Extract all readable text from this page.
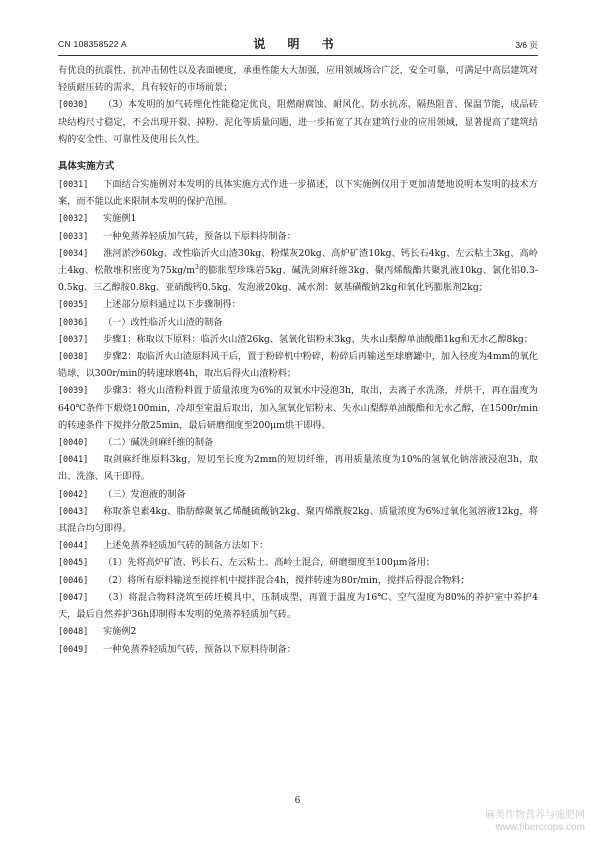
CN 108358522 A	说 明 书	3/6 页

有优良的抗震性、抗冲击韧性以及表面硬度，承重性能大大加强，应用领域场合广泛，安全可靠，可满足中高层建筑对轻质耐压砖的需求，具有较好的市场前景；

[0030] （3）本发明的加气砖理化性能稳定优良，阻燃耐腐蚀、耐风化、防水抗冻、隔热阻音、保温节能，成品砖块结构尺寸稳定，不会出现开裂、掉粉、泥化等质量问题，进一步拓宽了其在建筑行业的应用领域，显著提高了建筑结构的安全性、可靠性及使用长久性。

具体实施方式

[0031] 下面结合实施例对本发明的具体实施方式作进一步描述，以下实施例仅用于更加清楚地说明本发明的技术方案，而不能以此来限制本发明的保护范围。

[0032] 实施例1

[0033] 一种免蒸养轻质加气砖，预备以下原料待制备：

[0034] 淮河淤沙60kg、改性临沂火山渣30kg、粉煤灰20kg、高炉矿渣10kg、钙长石4kg、左云粘土3kg、高岭土4kg、松散堆积密度为$75kg/m^3$的膨胀型珍珠岩5kg、碱洗剑麻纤维3kg、聚丙烯酸酯共聚乳液10kg、氯化铝0.3-0.5kg、三乙醇胺0.8kg、亚硝酸钙0.5kg、发泡液20kg、减水剂：氨基磺酸钠2kg和氧化钙膨胀剂2kg；

[0035] 上述部分原料通过以下步骤制得：

[0036] （一）改性临沂火山渣的制备

[0037] 步骤1：称取以下原料：临沂火山渣26kg、氢氧化铝粉末3kg、失水山梨醇单油酸酯1kg和无水乙醇8kg；

[0038] 步骤2：取临沂火山渣原料风干后，置于粉碎机中粉碎，粉碎后再输送至球磨罐中，加入径度为4mm的氧化锆球，以300r/min的转速球磨4h，取出后得火山渣粉料；

[0039] 步骤3：将火山渣粉料置于质量浓度为6%的双氧水中浸泡3h，取出，去离子水洗涤，并烘干，再在温度为640℃条件下煅烧100min，冷却至室温后取出，加入氢氧化铝粉末、失水山梨醇单油酸酯和无水乙醇，在1500r/min的转速条件下搅拌分散25min，最后研磨细度至200μm烘干即得。

[0040] （二）碱洗剑麻纤维的制备

[0041] 取剑麻纤维原料3kg，短切至长度为2mm的短切纤维，再用质量浓度为10%的氢氧化钠溶液浸泡3h，取出、洗涤、风干即得。

[0042] （三）发泡液的制备

[0043] 称取茶皂素4kg、脂肪醇聚氧乙烯醚硫酸钠2kg、聚丙烯酰胺2kg、质量浓度为6%过氧化氢溶液12kg，将其混合均匀即得。

[0044] 上述免蒸养轻质加气砖的制备方法如下：

[0045] （1）先将高炉矿渣、钙长石、左云粘土、高岭土混合，研磨细度至100μm备用；

[0046] （2）将所有原料输送至搅拌机中搅拌混合4h，搅拌转速为80r/min，搅拌后得混合物料；

[0047] （3）将混合物料浇筑至砖坯模具中，压制成型，再置于温度为16℃、空气湿度为80%的养护室中养护4天，最后自然养护36h即制得本发明的免蒸养轻质加气砖。

[0048] 实施例2

[0049] 一种免蒸养轻质加气砖，预备以下原料待制备：

6
麻类作物营养与施肥网
www.fibercrops.com
